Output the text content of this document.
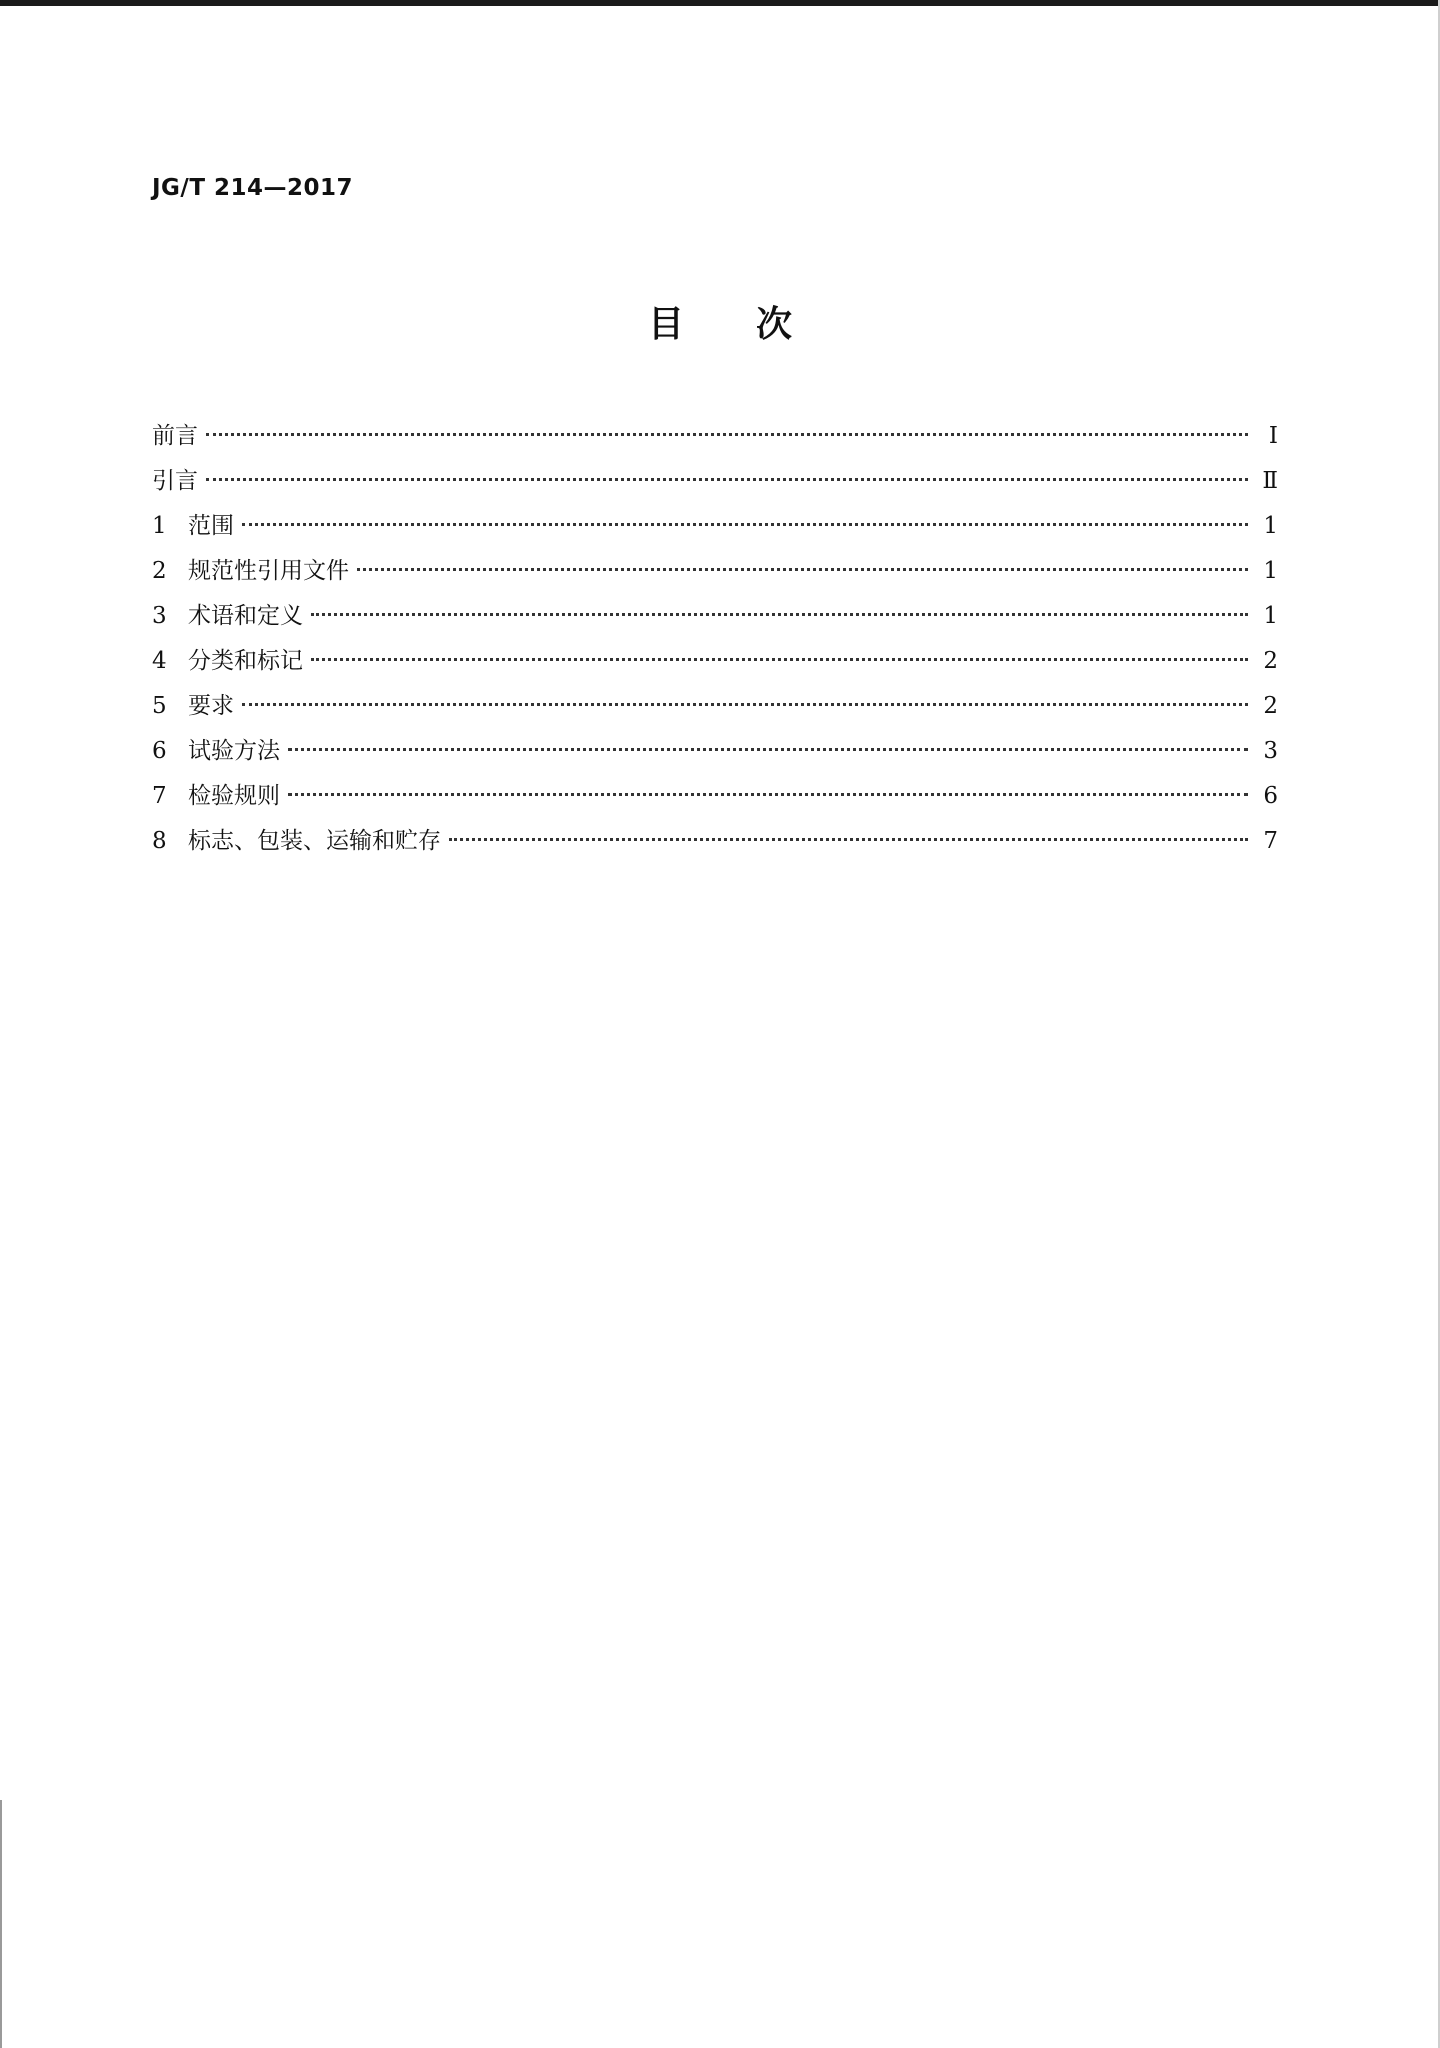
JG/T 214—2017
目次
前言	Ⅰ
引言	Ⅱ
1 范围	1
2 规范性引用文件	1
3 术语和定义	1
4 分类和标记	2
5 要求	2
6 试验方法	3
7 检验规则	6
8 标志、包装、运输和贮存	7
